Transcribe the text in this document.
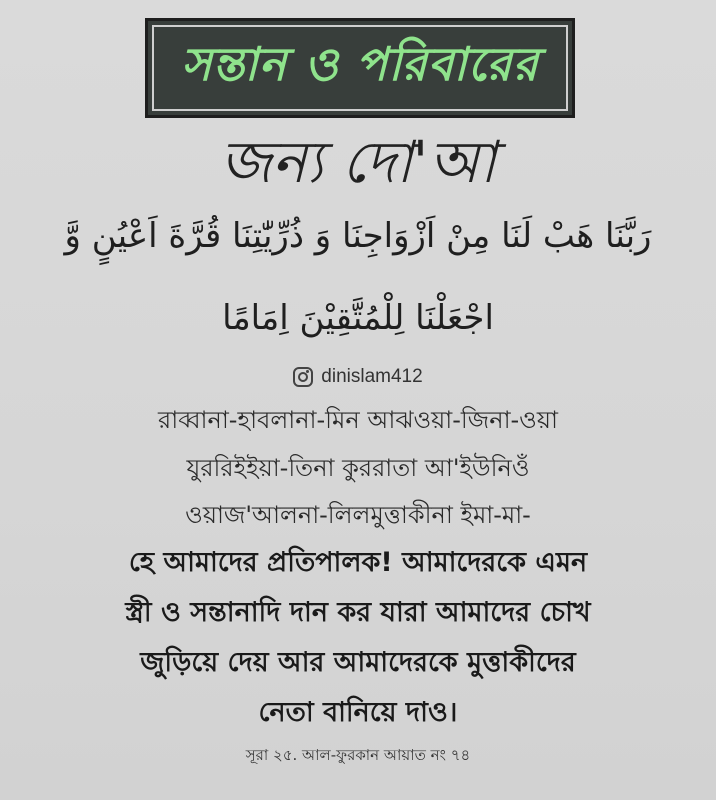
সন্তান ও পরিবারের
জন্য দো'আ
رَبَّنَا هَبْ لَنَا مِنْ اَزْوَاجِنَا وَ ذُرِّيّٰتِنَا قُرَّةَ اَعْيُنٍ وَّ
اجْعَلْنَا لِلْمُتَّقِيْنَ اِمَامًا
dinislam412
রাব্বানা-হাবলানা-মিন আঝওয়া-জিনা-ওয়া
যুররিইইয়া-তিনা কুররাতা আ'ইউনিওঁ
ওয়াজ'আলনা-লিলমুত্তাকীনা ইমা-মা-
হে আমাদের প্রতিপালক! আমাদেরকে এমন
স্ত্রী ও সন্তানাদি দান কর যারা আমাদের চোখ
জুড়িয়ে দেয় আর আমাদেরকে মুত্তাকীদের
নেতা বানিয়ে দাও।
সূরা ২৫. আল-ফুরকান আয়াত নং ৭৪
